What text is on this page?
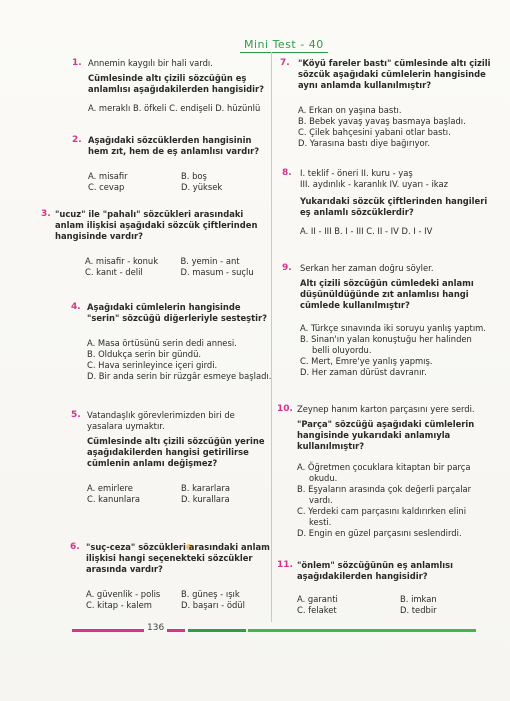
Mini Test - 40
1. Annemin kaygılı bir hali vardı.
Cümlesinde altı çizili sözcüğün eş anlamlısı aşağıdakilerden hangisidir?
A. meraklı B. öfkeli C. endişeli D. hüzünlü
2. Aşağıdaki sözcüklerden hangisinin hem zıt, hem de eş anlamlısı vardır?
A. misafir	B. boş
C. cevap	D. yüksek
3. "ucuz" ile "pahalı" sözcükleri arasındaki anlam ilişkisi aşağıdaki sözcük çiftlerinden hangisinde vardır?
A. misafir - konuk	B. yemin - ant
C. kanıt - delil	D. masum - suçlu
4. Aşağıdaki cümlelerin hangisinde "serin" sözcüğü diğerleriyle sesteştir?
A. Masa örtüsünü serin dedi annesi.
B. Oldukça serin bir gündü.
C. Hava serinleyince içeri girdi.
D. Bir anda serin bir rüzgâr esmeye başladı.
5. Vatandaşlık görevlerimizden biri de yasalara uymaktır.
Cümlesinde altı çizili sözcüğün yerine aşağıdakilerden hangisi getirilirse cümlenin anlamı değişmez?
A. emirlere	B. kararlara
C. kanunlara	D. kurallara
6. "suç-ceza" sözcükleri arasındaki anlam ilişkisi hangi seçenekteki sözcükler arasında vardır?
A. güvenlik - polis	B. güneş - ışık
C. kitap - kalem	D. başarı - ödül
7. "Köyü fareler bastı" cümlesinde altı çizili sözcük aşağıdaki cümlelerin hangisinde aynı anlamda kullanılmıştır?
A. Erkan on yaşına bastı.
B. Bebek yavaş yavaş basmaya başladı.
C. Çilek bahçesini yabani otlar bastı.
D. Yarasına bastı diye bağırıyor.
8. I. teklif - öneri II. kuru - yaş
III. aydınlık - karanlık IV. uyarı - ikaz
Yukarıdaki sözcük çiftlerinden hangileri eş anlamlı sözcüklerdir?
A. II - III B. I - III C. II - IV D. I - IV
9. Serkan her zaman doğru söyler.
Altı çizili sözcüğün cümledeki anlamı düşünüldüğünde zıt anlamlısı hangi cümlede kullanılmıştır?
A. Türkçe sınavında iki soruyu yanlış yaptım.
B. Sinan'ın yalan konuştuğu her halinden
belli oluyordu.
C. Mert, Emre'ye yanlış yapmış.
D. Her zaman dürüst davranır.
10. Zeynep hanım karton parçasını yere serdi.
"Parça" sözcüğü aşağıdaki cümlelerin hangisinde yukarıdaki anlamıyla kullanılmıştır?
A. Öğretmen çocuklara kitaptan bir parça
okudu.
B. Eşyaların arasında çok değerli parçalar
vardı.
C. Yerdeki cam parçasını kaldırırken elini
kesti.
D. Engin en güzel parçasını seslendirdi.
11. "önlem" sözcüğünün eş anlamlısı aşağıdakilerden hangisidir?
A. garanti	B. imkan
C. felaket	D. tedbir
136
